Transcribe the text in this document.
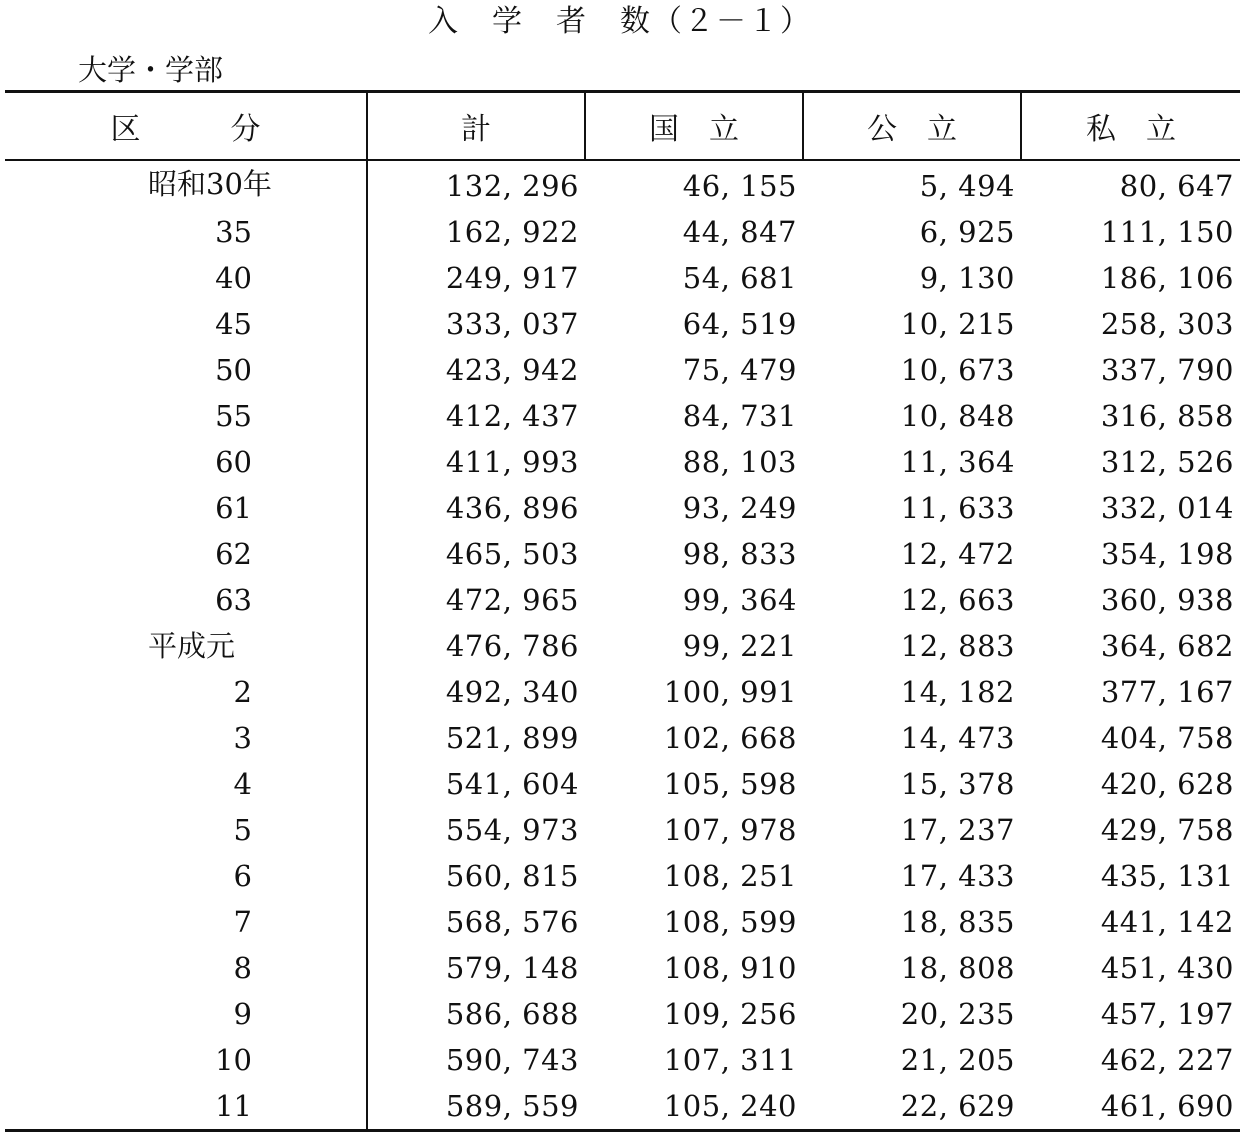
入　学　者　数（２－１）
大学・学部
区　　　分	計	国　立	公　立	私　立

昭和30年	132, 296	46, 155	5, 494	80, 647

35	162, 922	44, 847	6, 925	111, 150

40	249, 917	54, 681	9, 130	186, 106

45	333, 037	64, 519	10, 215	258, 303

50	423, 942	75, 479	10, 673	337, 790

55	412, 437	84, 731	10, 848	316, 858

60	411, 993	88, 103	11, 364	312, 526

61	436, 896	93, 249	11, 633	332, 014

62	465, 503	98, 833	12, 472	354, 198

63	472, 965	99, 364	12, 663	360, 938

平成元	476, 786	99, 221	12, 883	364, 682

2	492, 340	100, 991	14, 182	377, 167

3	521, 899	102, 668	14, 473	404, 758

4	541, 604	105, 598	15, 378	420, 628

5	554, 973	107, 978	17, 237	429, 758

6	560, 815	108, 251	17, 433	435, 131

7	568, 576	108, 599	18, 835	441, 142

8	579, 148	108, 910	18, 808	451, 430

9	586, 688	109, 256	20, 235	457, 197

10	590, 743	107, 311	21, 205	462, 227

11	589, 559	105, 240	22, 629	461, 690
